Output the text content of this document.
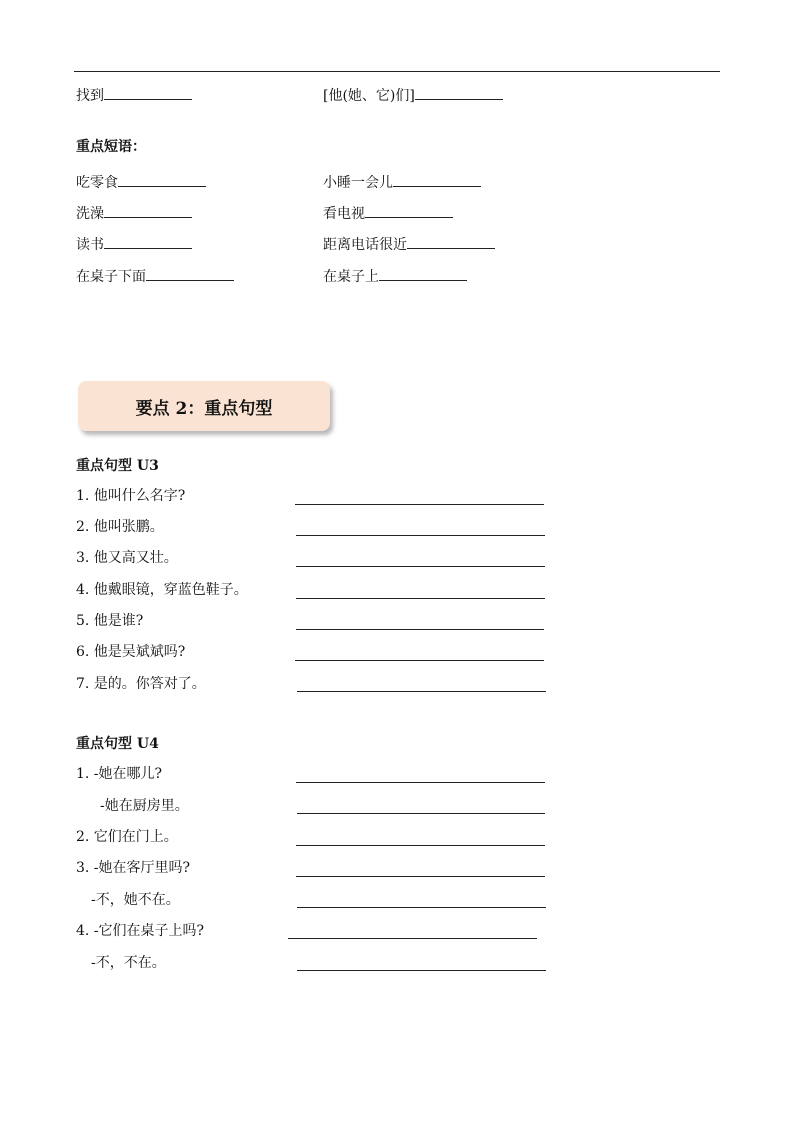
找到	[他(她、它)们]
重点短语：
吃零食	小睡一会儿
洗澡	看电视
读书	距离电话很近
在桌子下面	在桌子上
要点 2：重点句型
重点句型 U3
1. 他叫什么名字?
2. 他叫张鹏。
3. 他又高又壮。
4. 他戴眼镜，穿蓝色鞋子。
5. 他是谁?
6. 他是吴斌斌吗?
7. 是的。你答对了。
重点句型 U4
1. -她在哪儿?
-她在厨房里。
2. 它们在门上。
3. -她在客厅里吗?
-不，她不在。
4. -它们在桌子上吗?
-不，不在。
